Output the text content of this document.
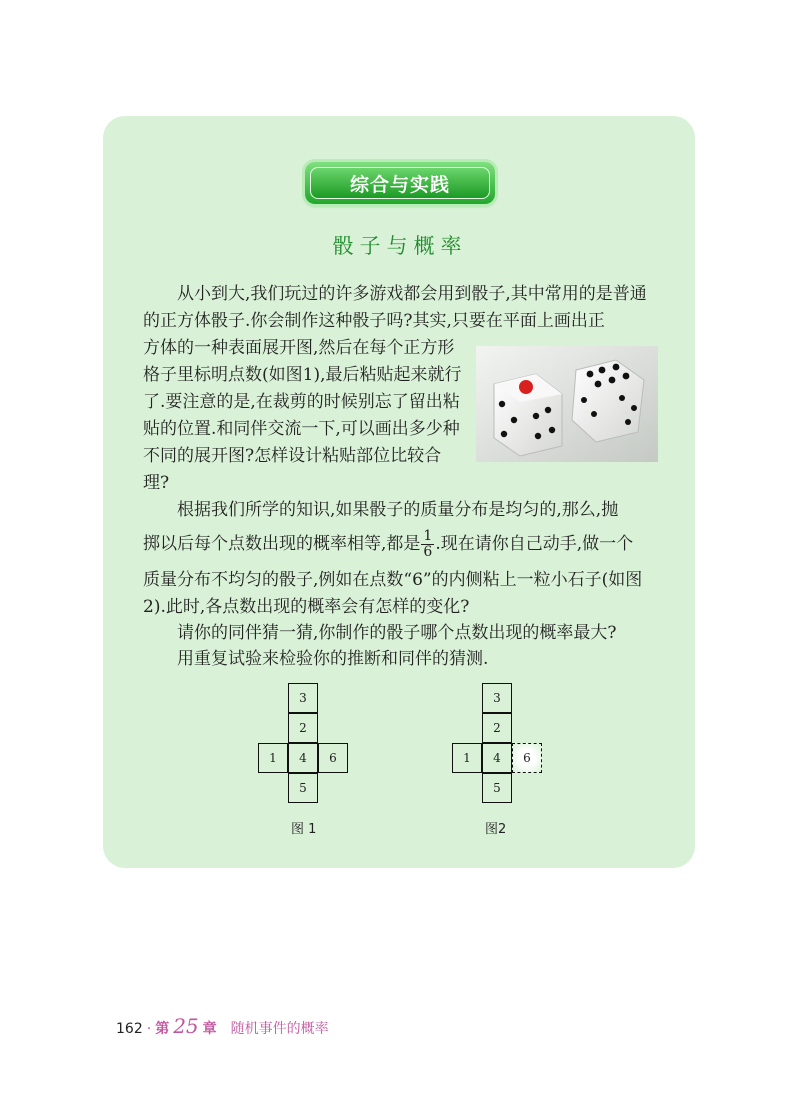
综合与实践
骰子与概率

从小到大,我们玩过的许多游戏都会用到骰子,其中常用的是普通的正方体骰子.你会制作这种骰子吗?其实,只要在平面上画出正

方体的一种表面展开图,然后在每个正方形格子里标明点数(如图1),最后粘贴起来就行了.要注意的是,在裁剪的时候别忘了留出粘贴的位置.和同伴交流一下,可以画出多少种不同的展开图?怎样设计粘贴部位比较合理?

根据我们所学的知识,如果骰子的质量分布是均匀的,那么,抛

掷以后每个点数出现的概率相等,都是 $\frac{1}{6}$ .现在请你自己动手,做一个

质量分布不均匀的骰子,例如在点数“6”的内侧粘上一粒小石子(如图2).此时,各点数出现的概率会有怎样的变化?

请你的同伴猜一猜,你制作的骰子哪个点数出现的概率最大?

用重复试验来检验你的推断和同伴的猜测.

3
2
1	4	6
5
图 1
3
2
1	4	6
5
图2
162 · 第 25 章 随机事件的概率
